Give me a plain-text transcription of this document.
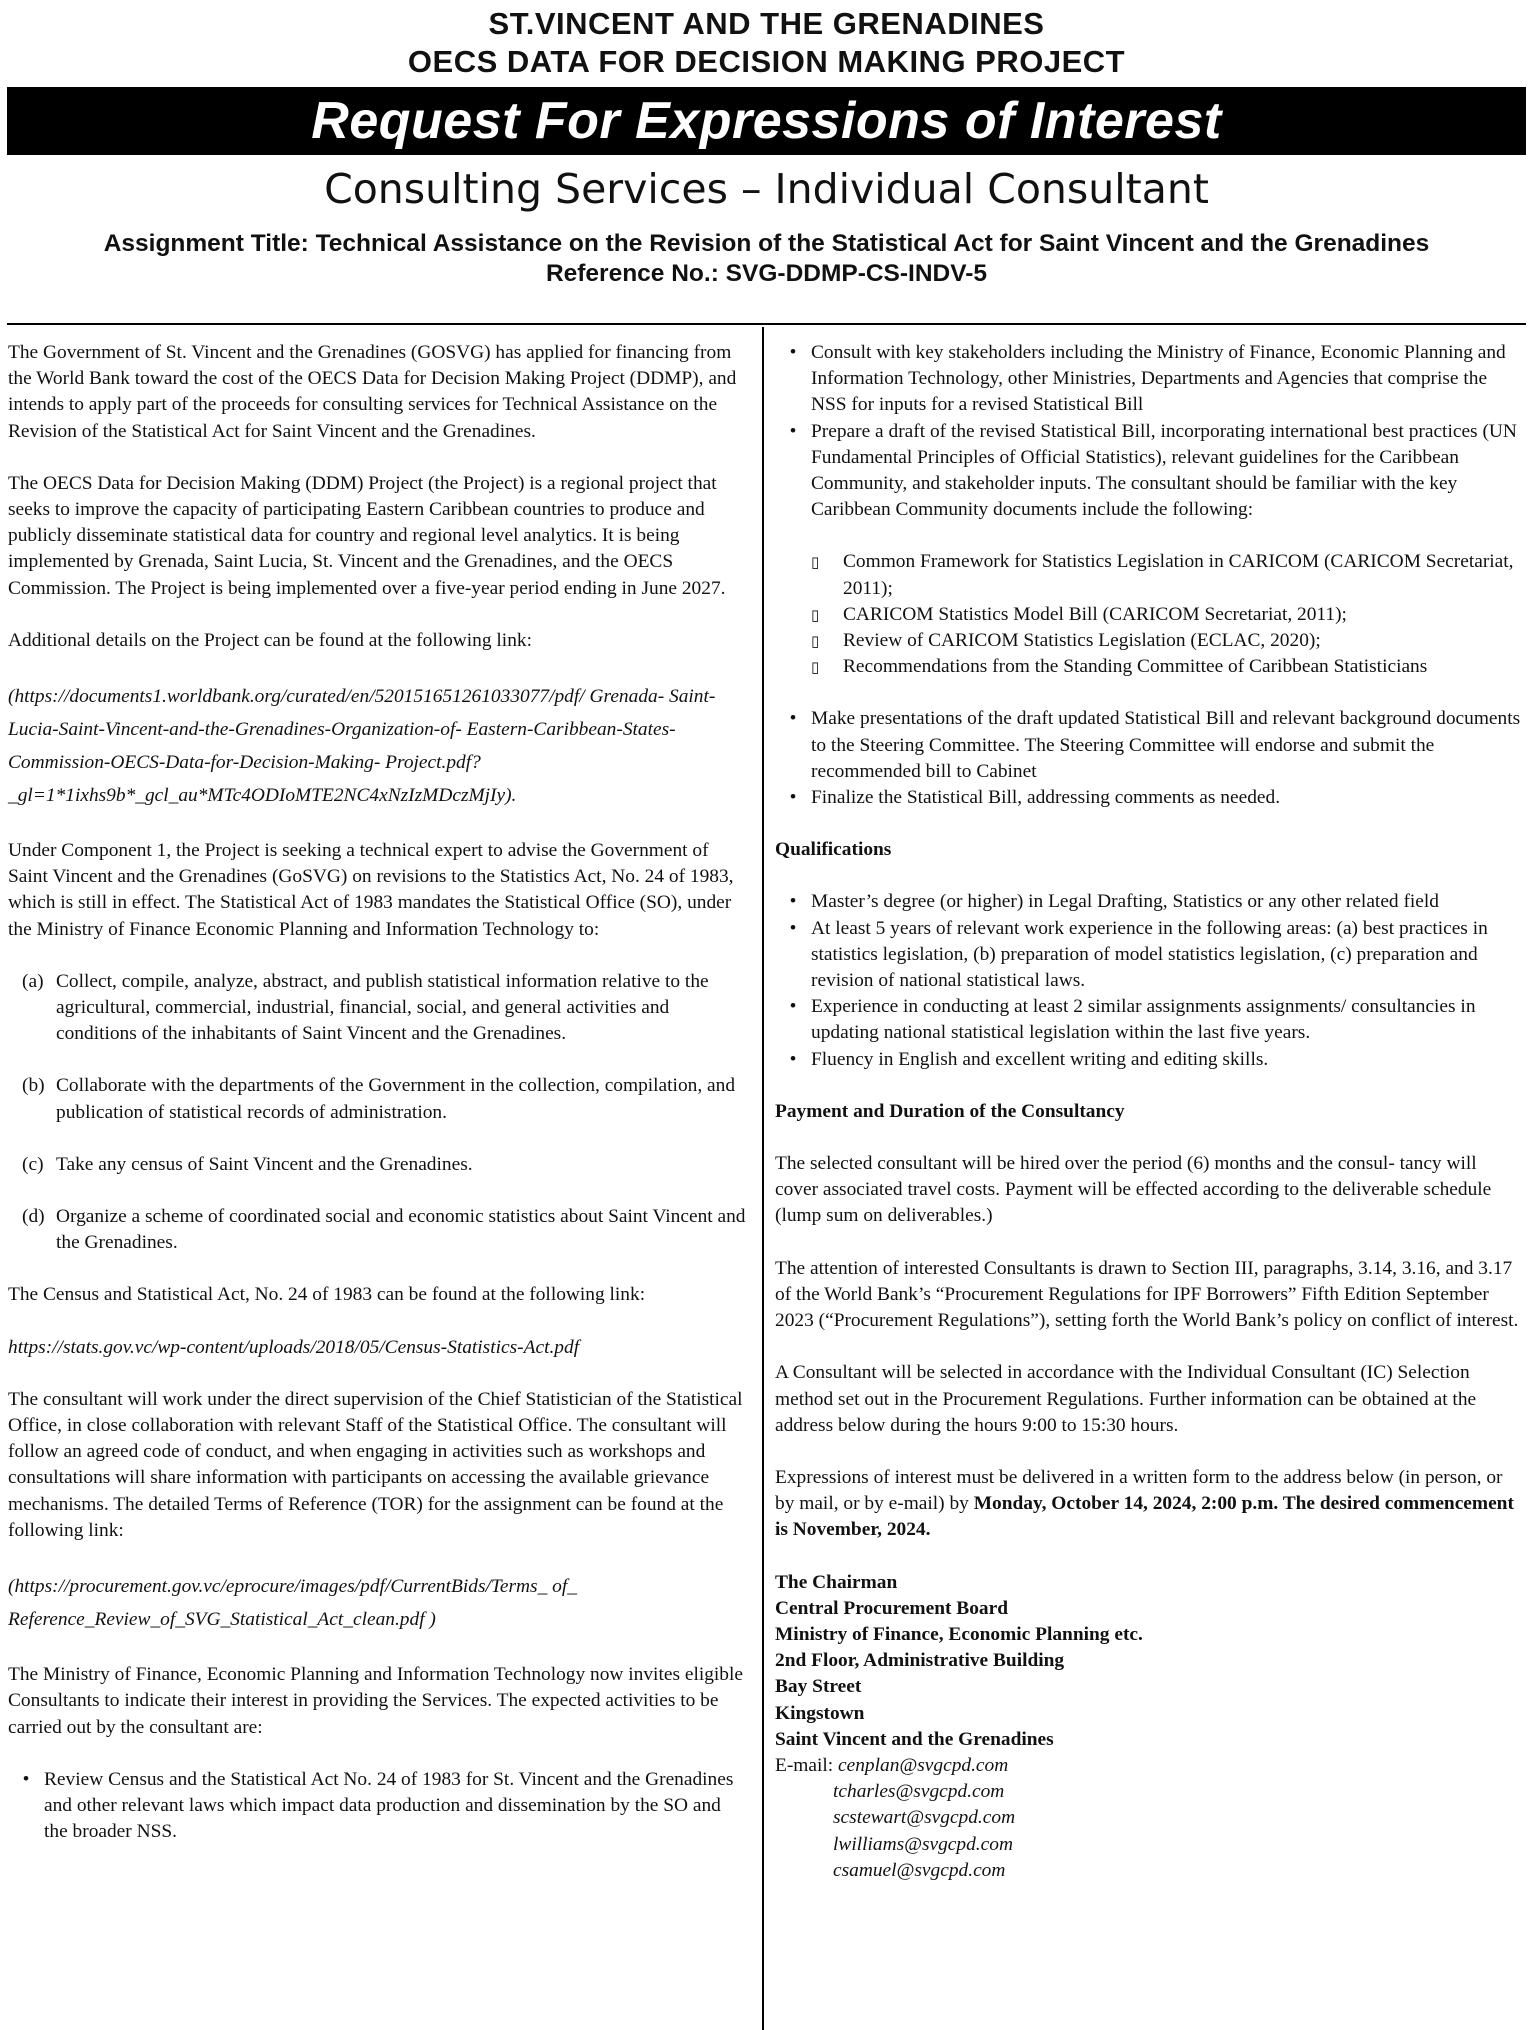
ST.VINCENT AND THE GRENADINES
OECS DATA FOR DECISION MAKING PROJECT
Request For Expressions of Interest
Consulting Services – Individual Consultant
Assignment Title: Technical Assistance on the Revision of the Statistical Act for Saint Vincent and the Grenadines
Reference No.: SVG-DDMP-CS-INDV-5

The Government of St. Vincent and the Grenadines (GOSVG) has applied for financing from the World Bank toward the cost of the OECS Data for Decision Making Project (DDMP), and intends to apply part of the proceeds for consulting services for Technical Assistance on the Revision of the Statistical Act for Saint Vincent and the Grenadines.

The OECS Data for Decision Making (DDM) Project (the Project) is a regional project that seeks to improve the capacity of participating Eastern Caribbean countries to produce and publicly disseminate statistical data for country and regional level analytics. It is being implemented by Grenada, Saint Lucia, St. Vincent and the Grenadines, and the OECS Commission. The Project is being implemented over a five-year period ending in June 2027.

Additional details on the Project can be found at the following link:

(https://documents1.worldbank.org/curated/en/520151651261033077/pdf/ Grenada- Saint-Lucia-Saint-Vincent-and-the-Grenadines-Organization-of- Eastern-Caribbean-States-Commission-OECS-Data-for-Decision-Making- Project.pdf?_gl=1*1ixhs9b*_gcl_au*MTc4ODIoMTE2NC4xNzIzMDczMjIy).

Under Component 1, the Project is seeking a technical expert to advise the Government of Saint Vincent and the Grenadines (GoSVG) on revisions to the Statistics Act, No. 24 of 1983, which is still in effect. The Statistical Act of 1983 mandates the Statistical Office (SO), under the Ministry of Finance Economic Planning and Information Technology to:

(a) Collect, compile, analyze, abstract, and publish statistical information relative to the agricultural, commercial, industrial, financial, social, and general activities and conditions of the inhabitants of Saint Vincent and the Grenadines.
(b) Collaborate with the departments of the Government in the collection, compilation, and publication of statistical records of administration.
(c) Take any census of Saint Vincent and the Grenadines.
(d) Organize a scheme of coordinated social and economic statistics about Saint Vincent and the Grenadines.

The Census and Statistical Act, No. 24 of 1983 can be found at the following link:

https://stats.gov.vc/wp-content/uploads/2018/05/Census-Statistics-Act.pdf

The consultant will work under the direct supervision of the Chief Statistician of the Statistical Office, in close collaboration with relevant Staff of the Statistical Office. The consultant will follow an agreed code of conduct, and when engaging in activities such as workshops and consultations will share information with participants on accessing the available grievance mechanisms. The detailed Terms of Reference (TOR) for the assignment can be found at the following link:

(https://procurement.gov.vc/eprocure/images/pdf/CurrentBids/Terms_ of_ Reference_Review_of_SVG_Statistical_Act_clean.pdf )

The Ministry of Finance, Economic Planning and Information Technology now invites eligible Consultants to indicate their interest in providing the Services. The expected activities to be carried out by the consultant are:

• Review Census and the Statistical Act No. 24 of 1983 for St. Vincent and the Grenadines and other relevant laws which impact data production and dissemination by the SO and the broader NSS.
• Consult with key stakeholders including the Ministry of Finance, Economic Planning and Information Technology, other Ministries, Departments and Agencies that comprise the NSS for inputs for a revised Statistical Bill
• Prepare a draft of the revised Statistical Bill, incorporating international best practices (UN Fundamental Principles of Official Statistics), relevant guidelines for the Caribbean Community, and stakeholder inputs. The consultant should be familiar with the key Caribbean Community documents include the following:
▯	Common Framework for Statistics Legislation in CARICOM (CARICOM Secretariat, 2011);
▯	CARICOM Statistics Model Bill (CARICOM Secretariat, 2011);
▯	Review of CARICOM Statistics Legislation (ECLAC, 2020);
▯	Recommendations from the Standing Committee of Caribbean Statisticians
• Make presentations of the draft updated Statistical Bill and relevant background documents to the Steering Committee. The Steering Committee will endorse and submit the recommended bill to Cabinet
• Finalize the Statistical Bill, addressing comments as needed.
Qualifications
• Master’s degree (or higher) in Legal Drafting, Statistics or any other related field
• At least 5 years of relevant work experience in the following areas: (a) best practices in statistics legislation, (b) preparation of model statistics legislation, (c) preparation and revision of national statistical laws.
• Experience in conducting at least 2 similar assignments assignments/ consultancies in updating national statistical legislation within the last five years.
• Fluency in English and excellent writing and editing skills.
Payment and Duration of the Consultancy

The selected consultant will be hired over the period (6) months and the consul- tancy will cover associated travel costs. Payment will be effected according to the deliverable schedule (lump sum on deliverables.)

The attention of interested Consultants is drawn to Section III, paragraphs, 3.14, 3.16, and 3.17 of the World Bank’s “Procurement Regulations for IPF Borrowers” Fifth Edition September 2023 (“Procurement Regulations”), setting forth the World Bank’s policy on conflict of interest.

A Consultant will be selected in accordance with the Individual Consultant (IC) Selection method set out in the Procurement Regulations. Further information can be obtained at the address below during the hours 9:00 to 15:30 hours.

Expressions of interest must be delivered in a written form to the address below (in person, or by mail, or by e-mail) by Monday, October 14, 2024, 2:00 p.m. The desired commencement is November, 2024.

The Chairman
Central Procurement Board
Ministry of Finance, Economic Planning etc.
2nd Floor, Administrative Building
Bay Street
Kingstown
Saint Vincent and the Grenadines
E-mail: cenplan@svgcpd.com
tcharles@svgcpd.com
scstewart@svgcpd.com
lwilliams@svgcpd.com
csamuel@svgcpd.com
